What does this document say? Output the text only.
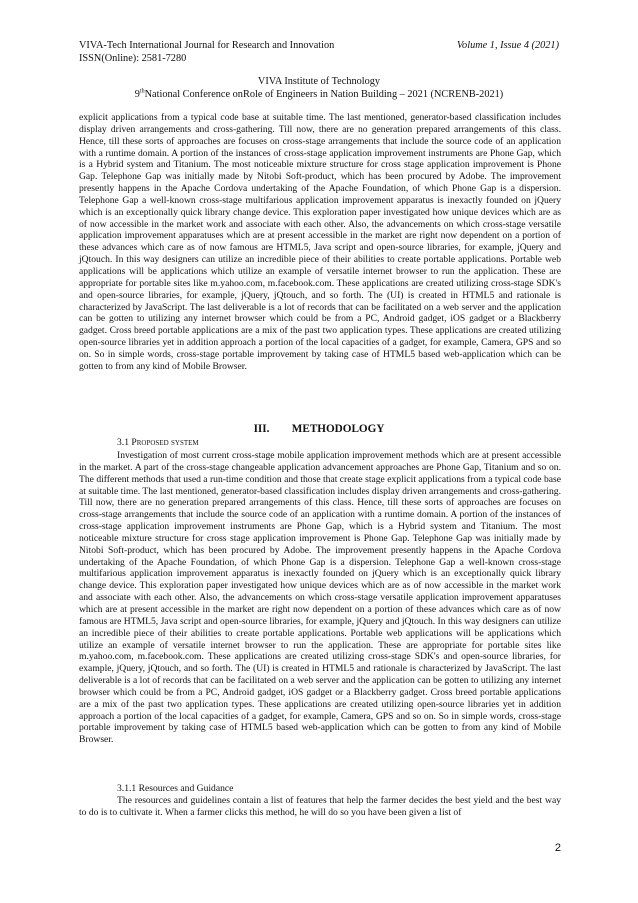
VIVA-Tech International Journal for Research and Innovation	Volume 1, Issue 4 (2021)
ISSN(Online): 2581-7280
VIVA Institute of Technology
9thNational Conference onRole of Engineers in Nation Building – 2021 (NCRENB-2021)

explicit applications from a typical code base at suitable time. The last mentioned, generator-based classification includes display driven arrangements and cross-gathering. Till now, there are no generation prepared arrangements of this class. Hence, till these sorts of approaches are focuses on cross-stage arrangements that include the source code of an application with a runtime domain. A portion of the instances of cross-stage application improvement instruments are Phone Gap, which is a Hybrid system and Titanium. The most noticeable mixture structure for cross stage application improvement is Phone Gap. Telephone Gap was initially made by Nitobi Soft-product, which has been procured by Adobe. The improvement presently happens in the Apache Cordova undertaking of the Apache Foundation, of which Phone Gap is a dispersion. Telephone Gap a well-known cross-stage multifarious application improvement apparatus is inexactly founded on jQuery which is an exceptionally quick library change device. This exploration paper investigated how unique devices which are as of now accessible in the market work and associate with each other. Also, the advancements on which cross-stage versatile application improvement apparatuses which are at present accessible in the market are right now dependent on a portion of these advances which care as of now famous are HTML5, Java script and open-source libraries, for example, jQuery and jQtouch. In this way designers can utilize an incredible piece of their abilities to create portable applications. Portable web applications will be applications which utilize an example of versatile internet browser to run the application. These are appropriate for portable sites like m.yahoo.com, m.facebook.com. These applications are created utilizing cross-stage SDK's and open-source libraries, for example, jQuery, jQtouch, and so forth. The (UI) is created in HTML5 and rationale is characterized by JavaScript. The last deliverable is a lot of records that can be facilitated on a web server and the application can be gotten to utilizing any internet browser which could be from a PC, Android gadget, iOS gadget or a Blackberry gadget. Cross breed portable applications are a mix of the past two application types. These applications are created utilizing open-source libraries yet in addition approach a portion of the local capacities of a gadget, for example, Camera, GPS and so on. So in simple words, cross-stage portable improvement by taking case of HTML5 based web-application which can be gotten to from any kind of Mobile Browser.

III. METHODOLOGY
3.1 Proposed system

Investigation of most current cross-stage mobile application improvement methods which are at present accessible in the market. A part of the cross-stage changeable application advancement approaches are Phone Gap, Titanium and so on. The different methods that used a run-time condition and those that create stage explicit applications from a typical code base at suitable time. The last mentioned, generator-based classification includes display driven arrangements and cross-gathering. Till now, there are no generation prepared arrangements of this class. Hence, till these sorts of approaches are focuses on cross-stage arrangements that include the source code of an application with a runtime domain. A portion of the instances of cross-stage application improvement instruments are Phone Gap, which is a Hybrid system and Titanium. The most noticeable mixture structure for cross stage application improvement is Phone Gap. Telephone Gap was initially made by Nitobi Soft-product, which has been procured by Adobe. The improvement presently happens in the Apache Cordova undertaking of the Apache Foundation, of which Phone Gap is a dispersion. Telephone Gap a well-known cross-stage multifarious application improvement apparatus is inexactly founded on jQuery which is an exceptionally quick library change device. This exploration paper investigated how unique devices which are as of now accessible in the market work and associate with each other. Also, the advancements on which cross-stage versatile application improvement apparatuses which are at present accessible in the market are right now dependent on a portion of these advances which care as of now famous are HTML5, Java script and open-source libraries, for example, jQuery and jQtouch. In this way designers can utilize an incredible piece of their abilities to create portable applications. Portable web applications will be applications which utilize an example of versatile internet browser to run the application. These are appropriate for portable sites like m.yahoo.com, m.facebook.com. These applications are created utilizing cross-stage SDK's and open-source libraries, for example, jQuery, jQtouch, and so forth. The (UI) is created in HTML5 and rationale is characterized by JavaScript. The last deliverable is a lot of records that can be facilitated on a web server and the application can be gotten to utilizing any internet browser which could be from a PC, Android gadget, iOS gadget or a Blackberry gadget. Cross breed portable applications are a mix of the past two application types. These applications are created utilizing open-source libraries yet in addition approach a portion of the local capacities of a gadget, for example, Camera, GPS and so on. So in simple words, cross-stage portable improvement by taking case of HTML5 based web-application which can be gotten to from any kind of Mobile Browser.

3.1.1 Resources and Guidance

The resources and guidelines contain a list of features that help the farmer decides the best yield and the best way to do is to cultivate it. When a farmer clicks this method, he will do so you have been given a list of

2
